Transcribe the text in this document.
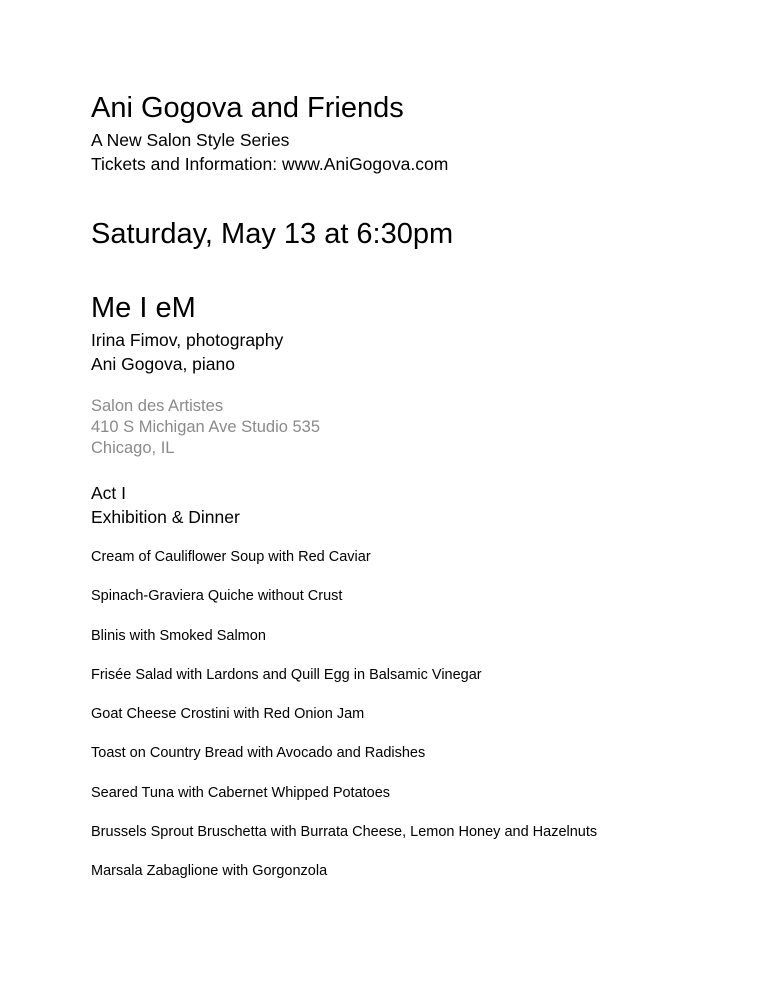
Ani Gogova and Friends
A New Salon Style Series
Tickets and Information: www.AniGogova.com
Saturday, May 13 at 6:30pm
Me I eM
Irina Fimov, photography
Ani Gogova, piano
Salon des Artistes
410 S Michigan Ave Studio 535
Chicago, IL
Act I
Exhibition & Dinner
Cream of Cauliflower Soup with Red Caviar
Spinach-Graviera Quiche without Crust
Blinis with Smoked Salmon
Frisée Salad with Lardons and Quill Egg in Balsamic Vinegar
Goat Cheese Crostini with Red Onion Jam
Toast on Country Bread with Avocado and Radishes
Seared Tuna with Cabernet Whipped Potatoes
Brussels Sprout Bruschetta with Burrata Cheese, Lemon Honey and Hazelnuts
Marsala Zabaglione with Gorgonzola
